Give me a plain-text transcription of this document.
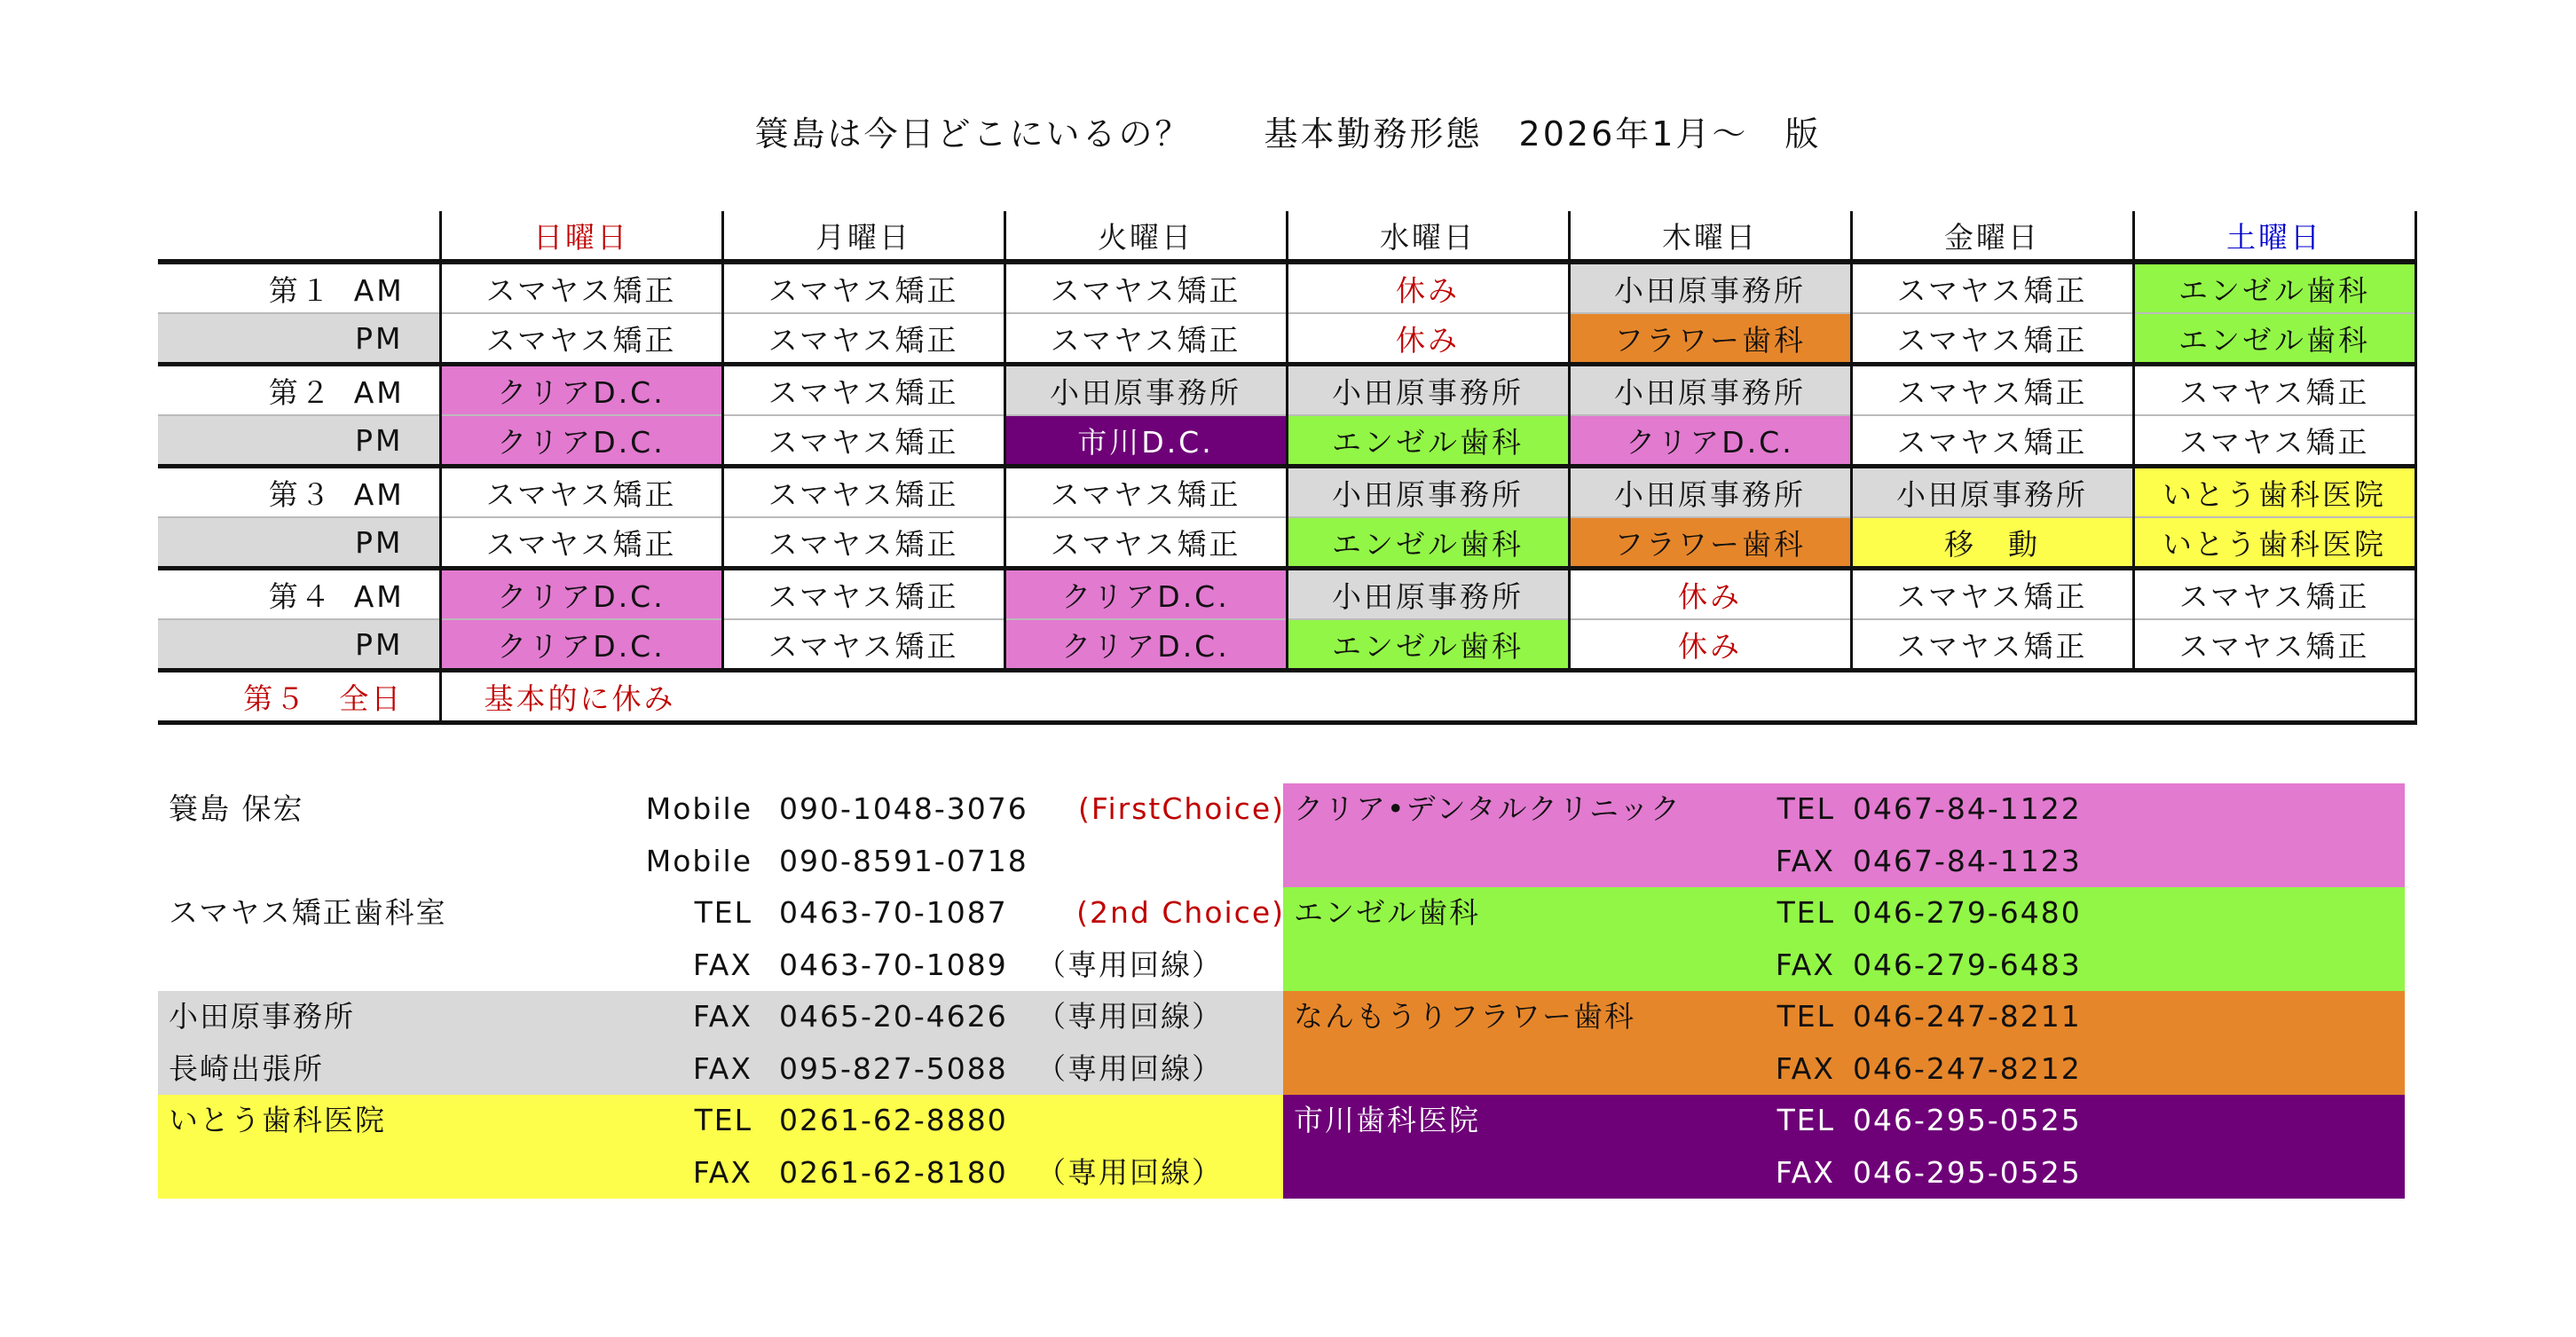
簑島は今日どこにいるの？　　基本勤務形態　2026年1月～　版
	日曜日	月曜日	火曜日	水曜日	木曜日	金曜日	土曜日
第１ AM	スマヤス矯正	スマヤス矯正	スマヤス矯正	休み	小田原事務所	スマヤス矯正	エンゼル歯科
PM	スマヤス矯正	スマヤス矯正	スマヤス矯正	休み	フラワー歯科	スマヤス矯正	エンゼル歯科
第２ AM	クリアD.C.	スマヤス矯正	小田原事務所	小田原事務所	小田原事務所	スマヤス矯正	スマヤス矯正
PM	クリアD.C.	スマヤス矯正	市川D.C.	エンゼル歯科	クリアD.C.	スマヤス矯正	スマヤス矯正
第３ AM	スマヤス矯正	スマヤス矯正	スマヤス矯正	小田原事務所	小田原事務所	小田原事務所	いとう歯科医院
PM	スマヤス矯正	スマヤス矯正	スマヤス矯正	エンゼル歯科	フラワー歯科	移　動	いとう歯科医院
第４ AM	クリアD.C.	スマヤス矯正	クリアD.C.	小田原事務所	休み	スマヤス矯正	スマヤス矯正
PM	クリアD.C.	スマヤス矯正	クリアD.C.	エンゼル歯科	休み	スマヤス矯正	スマヤス矯正
第５　全日	基本的に休み						
簑島 保宏	Mobile 090-1048-3076	(FirstChoice)
Mobile 090-8591-0718
スマヤス矯正歯科室	TEL 0463-70-1087	(2nd Choice)
FAX 0463-70-1089 （専用回線）
小田原事務所	FAX 0465-20-4626 （専用回線）
長崎出張所	FAX 095-827-5088 （専用回線）
いとう歯科医院	TEL 0261-62-8880
FAX 0261-62-8180 （専用回線）
クリア•デンタルクリニック	TEL 0467-84-1122
FAX 0467-84-1123
エンゼル歯科	TEL 046-279-6480
FAX 046-279-6483
なんもうりフラワー歯科	TEL 046-247-8211
FAX 046-247-8212
市川歯科医院	TEL 046-295-0525
FAX 046-295-0525
